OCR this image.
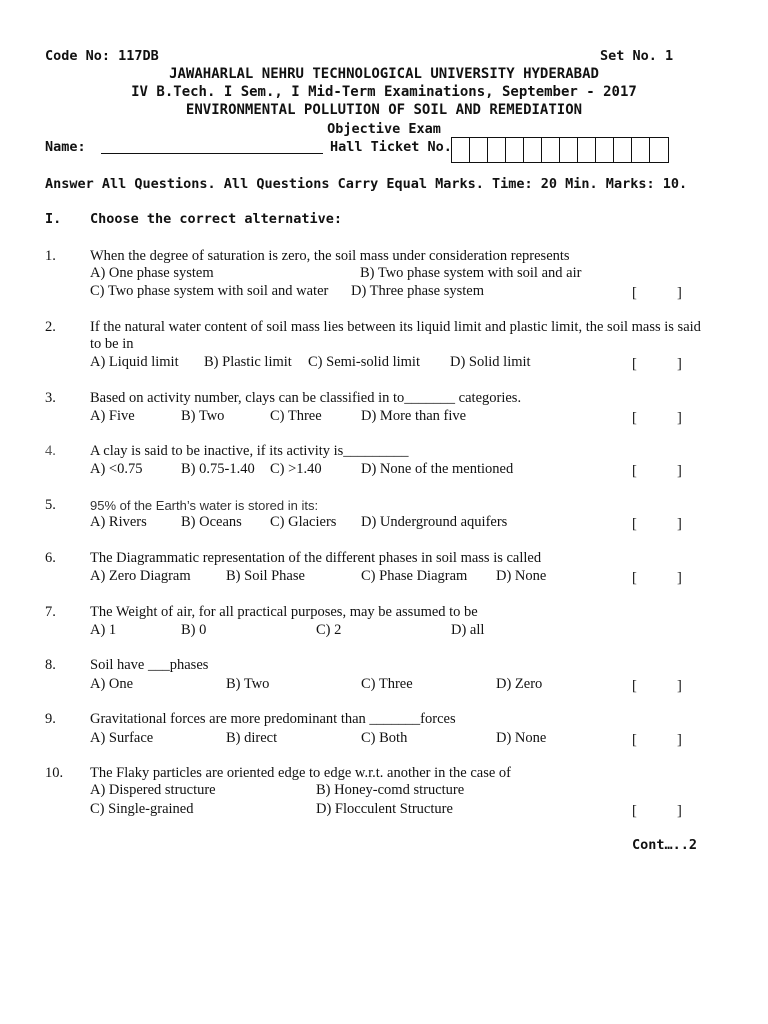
Code No: 117DB	Set No. 1
JAWAHARLAL NEHRU TECHNOLOGICAL UNIVERSITY HYDERABAD
IV B.Tech. I Sem., I Mid-Term Examinations, September - 2017
ENVIRONMENTAL POLLUTION OF SOIL AND REMEDIATION
Objective Exam
Name:	Hall Ticket No.
Answer All Questions. All Questions Carry Equal Marks. Time: 20 Min. Marks: 10.
I. Choose the correct alternative:
1. When the degree of saturation is zero, the soil mass under consideration represents
A) One phase system	B) Two phase system with soil and air
C) Two phase system with soil and water D) Three phase system	[	]
2. If the natural water content of soil mass lies between its liquid limit and plastic limit, the soil mass is said
to be in
A) Liquid limit B) Plastic limit C) Semi-solid limit D) Solid limit	[	]
3. Based on activity number, clays can be classified in to_______ categories.
A) Five	B) Two	C) Three	D) More than five	[	]
4. A clay is said to be inactive, if its activity is_________
A) <0.75	B) 0.75-1.40 C) >1.40	D) None of the mentioned	[	]
5.	95% of the Earth’s water is stored in its:
A) Rivers B) Oceans C) Glaciers D) Underground aquifers	[	]
6. The Diagrammatic representation of the different phases in soil mass is called
A) Zero Diagram B) Soil Phase	C) Phase Diagram D) None	[	]
7. The Weight of air, for all practical purposes, may be assumed to be
A) 1	B) 0	C) 2	D) all
8. Soil have ___phases
A) One	B) Two	C) Three	D) Zero	[	]
9. Gravitational forces are more predominant than _______forces
A) Surface	B) direct	C) Both	D) None	[	]
10. The Flaky particles are oriented edge to edge w.r.t. another in the case of
A) Dispered structure	B) Honey-comd structure
C) Single-grained	D) Flocculent Structure	[	]
Cont…..2
